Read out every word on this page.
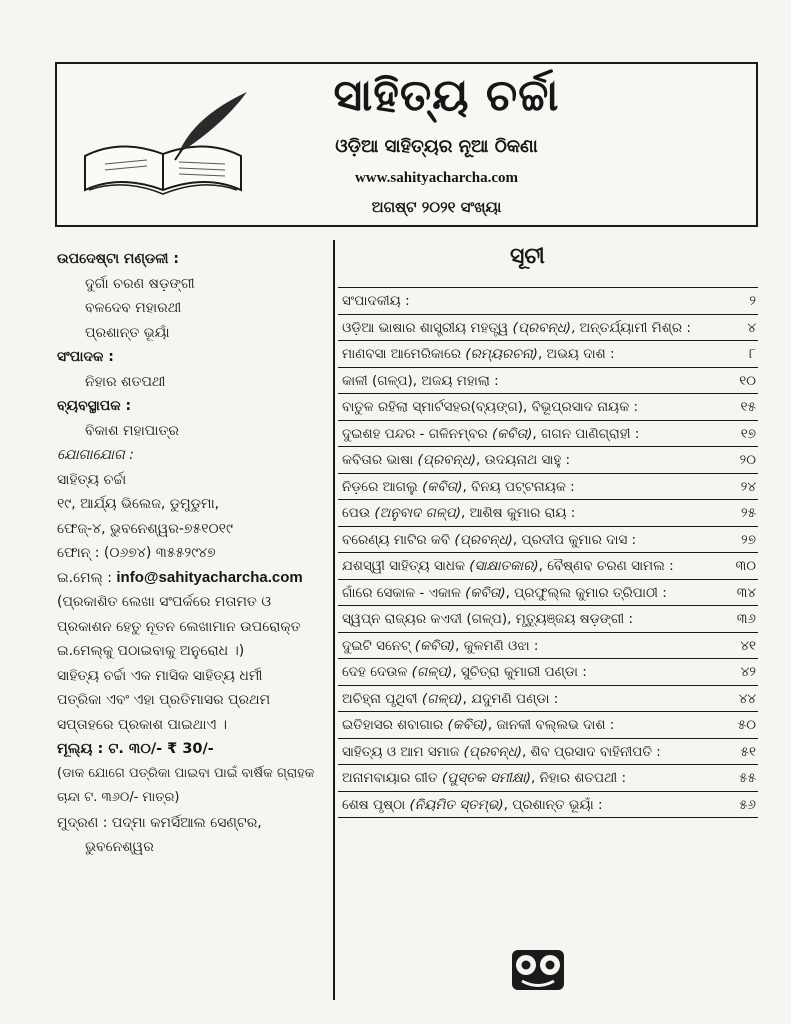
ସାହିତ୍ୟ ଚର୍ଚ୍ଚା
ଓଡ଼ିଆ ସାହିତ୍ୟର ନୂଆ ଠିକଣା
www.sahityacharcha.com
ଅଗଷ୍ଟ ୨୦୨୧ ସଂଖ୍ୟା
ଉପଦେଷ୍ଟା ମଣ୍ଡଳୀ :
ଦୁର୍ଗା ଚରଣ ଷଡ଼ଙ୍ଗୀ
ବଳଦେବ ମହାରଥୀ
ପ୍ରଶାନ୍ତ ଭୂୟାଁ
ସଂପାଦକ :
ନିହାର ଶତପଥୀ
ବ୍ୟବସ୍ଥାପକ :
ବିକାଶ ମହାପାତ୍ର
ଯୋଗାଯୋଗ :
ସାହିତ୍ୟ ଚର୍ଚ୍ଚା
୧୯, ଆର୍ଯ୍ୟ ଭିଲେଜ, ଡୁମୁଡୁମା,
ଫେଜ୍-୪, ଭୁବନେଶ୍ୱର-୭୫୧୦୧୯
ଫୋନ୍ : (୦୬୭୪) ୩୫୫୨୯୪୭
ଇ.ମେଲ୍ : info@sahityacharcha.com
(ପ୍ରକାଶିତ ଲେଖା ସଂପର୍କରେ ମତାମତ ଓ
ପ୍ରକାଶନ ହେତୁ ନୂତନ ଲେଖାମାନ ଉପରୋକ୍ତ
ଇ.ମେଲ୍‌କୁ ପଠାଇବାକୁ ଅନୁରୋଧ ।)
ସାହିତ୍ୟ ଚର୍ଚ୍ଚା ଏକ ମାସିକ ସାହିତ୍ୟ ଧର୍ମୀ
ପତ୍ରିକା ଏବଂ ଏହା ପ୍ରତିମାସର ପ୍ରଥମ
ସପ୍ତାହରେ ପ୍ରକାଶ ପାଇଥାଏ ।
ମୂଲ୍ୟ : ଟ. ୩୦/- ₹ 30/-
(ଡାକ ଯୋଗେ ପତ୍ରିକା ପାଇବା ପାଇଁ ବାର୍ଷିକ ଗ୍ରାହକ
ଚାନ୍ଦା ଟ. ୩୬୦/- ମାତ୍ର)
ମୁଦ୍ରଣ : ପଦ୍ମା କମର୍ସିଆଲ ସେଣ୍ଟର,
ଭୁବନେଶ୍ୱର
ସୂଚୀ
ସଂପାଦକୀୟ :	୨
ଓଡ଼ିଆ ଭାଷାର ଶାସ୍ତ୍ରୀୟ ମହତ୍ତ୍ୱ (ପ୍ରବନ୍ଧ), ଅନ୍ତର୍ଯ୍ୟାମୀ ମିଶ୍ର :	୪
ମାଣବସା ଆମେରିକାରେ (ରମ୍ୟରଚନା), ଅଭୟ ଦାଶ :	୮
କାଳୀ (ଗଳ୍ପ), ଅଜୟ ମହାଲା :	୧୦
ବାତୁଳ ରହିଲା ସ୍ମାର୍ଟସହର(ବ୍ୟଙ୍ଗ), ବିଭୂପ୍ରସାଦ ନାୟକ :	୧୫
ଦୁଇଶହ ପନ୍ଦର - ଗଳିନମ୍ବର (କବିତା), ଗଗନ ପାଣିଗ୍ରାହୀ :	୧୭
କବିତାର ଭାଷା (ପ୍ରବନ୍ଧ), ଉଦୟନାଥ ସାହୁ :	୨୦
ନିଡ଼ରେ ଆଗଲୁ (କବିତା), ବିନୟ ପଟ୍ଟନାୟକ :	୨୪
ପେଉ (ଅନୁବାଦ ଗଳ୍ପ), ଆଶିଷ କୁମାର ରାୟ :	୨୫
ବରେଣ୍ୟ ମାଟିର କବି (ପ୍ରବନ୍ଧ), ପ୍ରଦୀପ କୁମାର ଦାସ :	୨୭
ଯଶସ୍ୱୀ ସାହିତ୍ୟ ସାଧକ (ସାକ୍ଷାତକାର), ବୈଷ୍ଣବ ଚରଣ ସାମଲ :	୩୦
ଗାଁରେ ସେକାଳ - ଏକାଳ (କବିତା), ପ୍ରଫୁଲ୍ଲ କୁମାର ତ୍ରିପାଠୀ :	୩୪
ସ୍ୱପ୍ନ ରାଜ୍ୟର କଏଦୀ (ଗଳ୍ପ), ମୃତ୍ୟୁଞ୍ଜୟ ଷଡ଼ଙ୍ଗୀ :	୩୬
ଦୁଇଟି ସନେଟ୍ (କବିତା), କୁଳମଣି ଓଝା :	୪୧
ଦେହ ଦେଉଳ (ଗଳ୍ପ), ସୁଚିତ୍ରା କୁମାରୀ ପଣ୍ଡା :	୪୨
ଅଚିହ୍ନା ପୃଥିବୀ (ଗଳ୍ପ), ଯଦୁମଣି ପଣ୍ଡା :	୪୪
ଇତିହାସର ଶବାଗାର (କବିତା), ଜାନକୀ ବଲ୍ଲଭ ଦାଶ :	୫୦
ସାହିତ୍ୟ ଓ ଆମ ସମାଜ (ପ୍ରବନ୍ଧ), ଶିବ ପ୍ରସାଦ ବାହିନୀପତି :	୫୧
ଅନାମବାୟାର ଗୀତ (ପୁସ୍ତକ ସମୀକ୍ଷା), ନିହାର ଶତପଥୀ :	୫୫
ଶେଷ ପୃଷ୍ଠା (ନିୟମିତ ସ୍ତମ୍ଭ), ପ୍ରଶାନ୍ତ ଭୂୟାଁ :	୫୬
